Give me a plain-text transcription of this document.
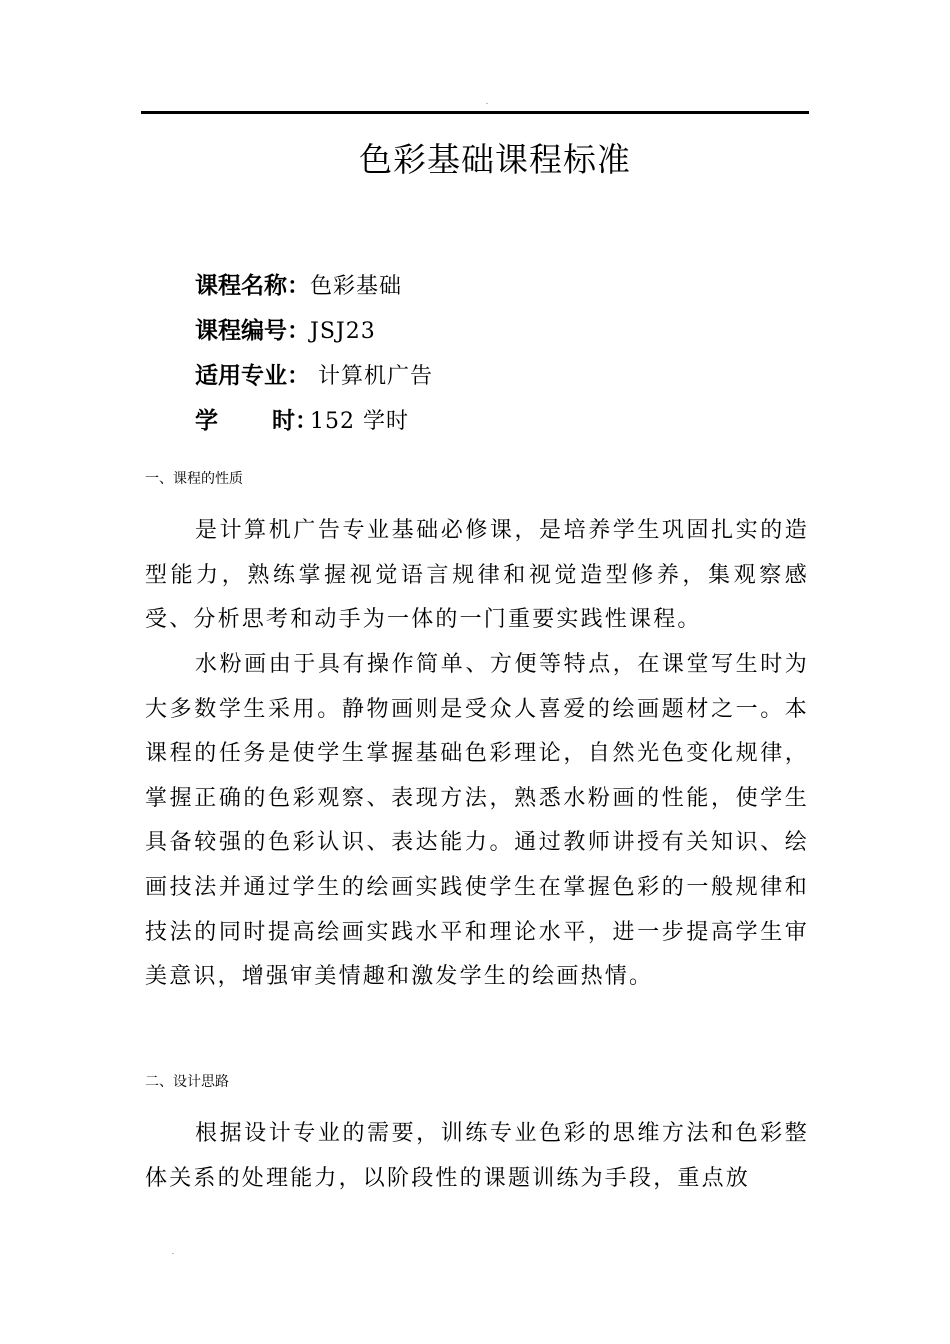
·
色彩基础课程标准
课程名称：色彩基础
课程编号：JSJ23
适用专业： 计算机广告
学 时：152 学时
一、课程的性质

是计算机广告专业基础必修课，是培养学生巩固扎实的造型能力，熟练掌握视觉语言规律和视觉造型修养，集观察感受、分析思考和动手为一体的一门重要实践性课程。

水粉画由于具有操作简单、方便等特点，在课堂写生时为大多数学生采用。静物画则是受众人喜爱的绘画题材之一。本课程的任务是使学生掌握基础色彩理论，自然光色变化规律，掌握正确的色彩观察、表现方法，熟悉水粉画的性能，使学生具备较强的色彩认识、表达能力。通过教师讲授有关知识、绘画技法并通过学生的绘画实践使学生在掌握色彩的一般规律和技法的同时提高绘画实践水平和理论水平，进一步提高学生审美意识，增强审美情趣和激发学生的绘画热情。

二、设计思路

根据设计专业的需要，训练专业色彩的思维方法和色彩整体关系的处理能力，以阶段性的课题训练为手段，重点放

·
